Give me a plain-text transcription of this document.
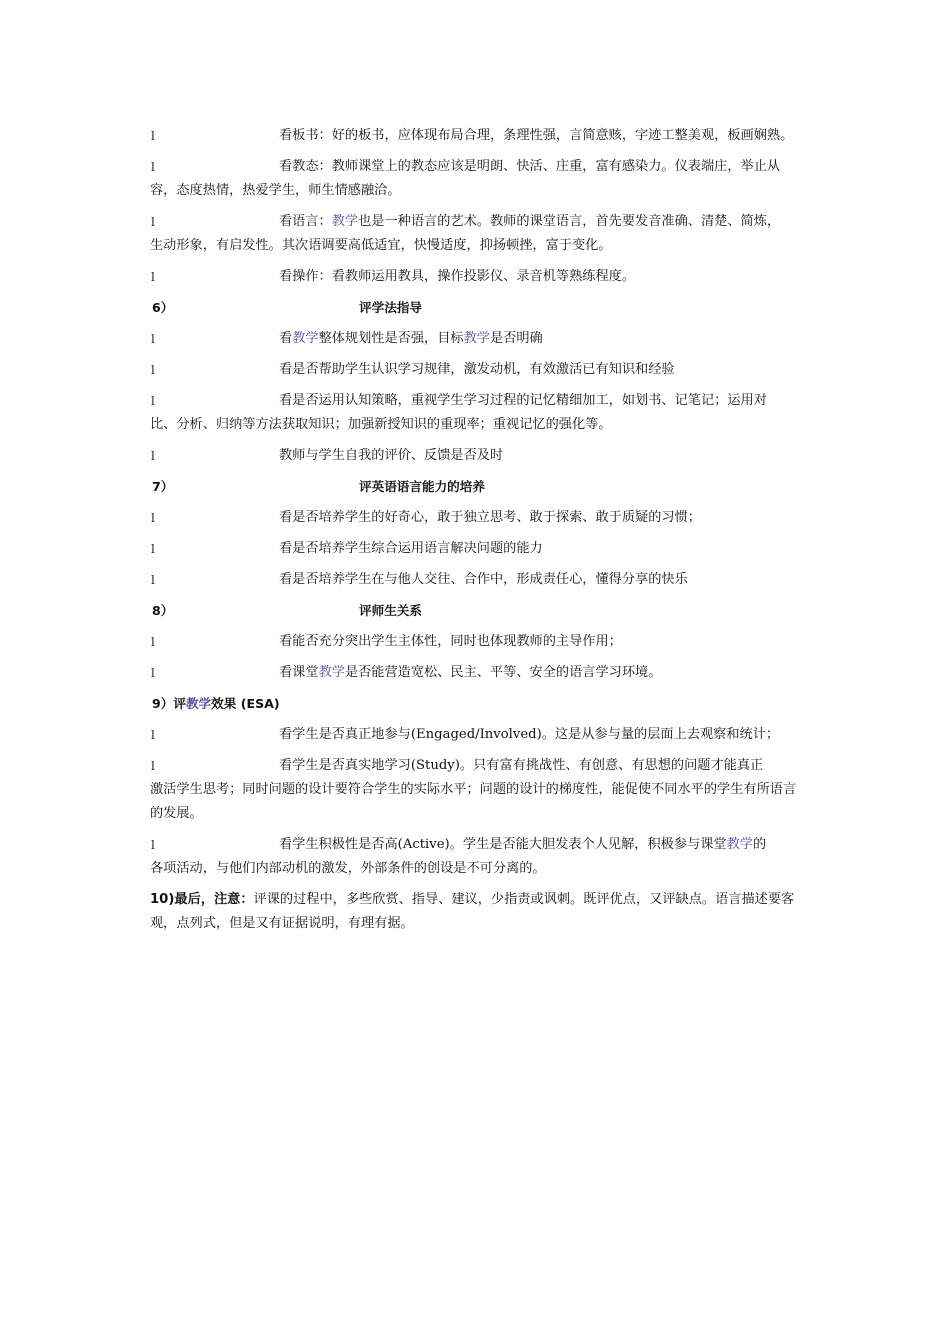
l	看板书：好的板书，应体现布局合理，条理性强，言简意赅，字迹工整美观，板画娴熟。
l	看教态：教师课堂上的教态应该是明朗、快活、庄重，富有感染力。仪表端庄，举止从
容，态度热情，热爱学生，师生情感融洽。
l	看语言：教学也是一种语言的艺术。教师的课堂语言，首先要发音准确、清楚、简炼，
生动形象，有启发性。其次语调要高低适宜，快慢适度，抑扬顿挫，富于变化。
l	看操作：看教师运用教具，操作投影仪、录音机等熟练程度。
6）	评学法指导
l	看教学整体规划性是否强，目标教学是否明确
l	看是否帮助学生认识学习规律，激发动机，有效激活已有知识和经验
l	看是否运用认知策略，重视学生学习过程的记忆精细加工，如划书、记笔记；运用对
比、分析、归纳等方法获取知识；加强新授知识的重现率；重视记忆的强化等。
l	教师与学生自我的评价、反馈是否及时
7）	评英语语言能力的培养
l	看是否培养学生的好奇心，敢于独立思考、敢于探索、敢于质疑的习惯；
l	看是否培养学生综合运用语言解决问题的能力
l	看是否培养学生在与他人交往、合作中，形成责任心，懂得分享的快乐
8）	评师生关系
l	看能否充分突出学生主体性，同时也体现教师的主导作用；
l	看课堂教学是否能营造宽松、民主、平等、安全的语言学习环境。
9）评教学效果 (ESA)
l	看学生是否真正地参与(Engaged/Involved)。这是从参与量的层面上去观察和统计；
l	看学生是否真实地学习(Study)。只有富有挑战性、有创意、有思想的问题才能真正
激活学生思考；同时问题的设计要符合学生的实际水平；问题的设计的梯度性，能促使不同水平的学生有所语言的发展。
l	看学生积极性是否高(Active)。学生是否能大胆发表个人见解，积极参与课堂教学的
各项活动，与他们内部动机的激发，外部条件的创设是不可分离的。
10)最后，注意：评课的过程中，多些欣赏、指导、建议，少指责或讽刺。既评优点，又评缺点。语言描述要客观，点列式，但是又有证据说明，有理有据。
